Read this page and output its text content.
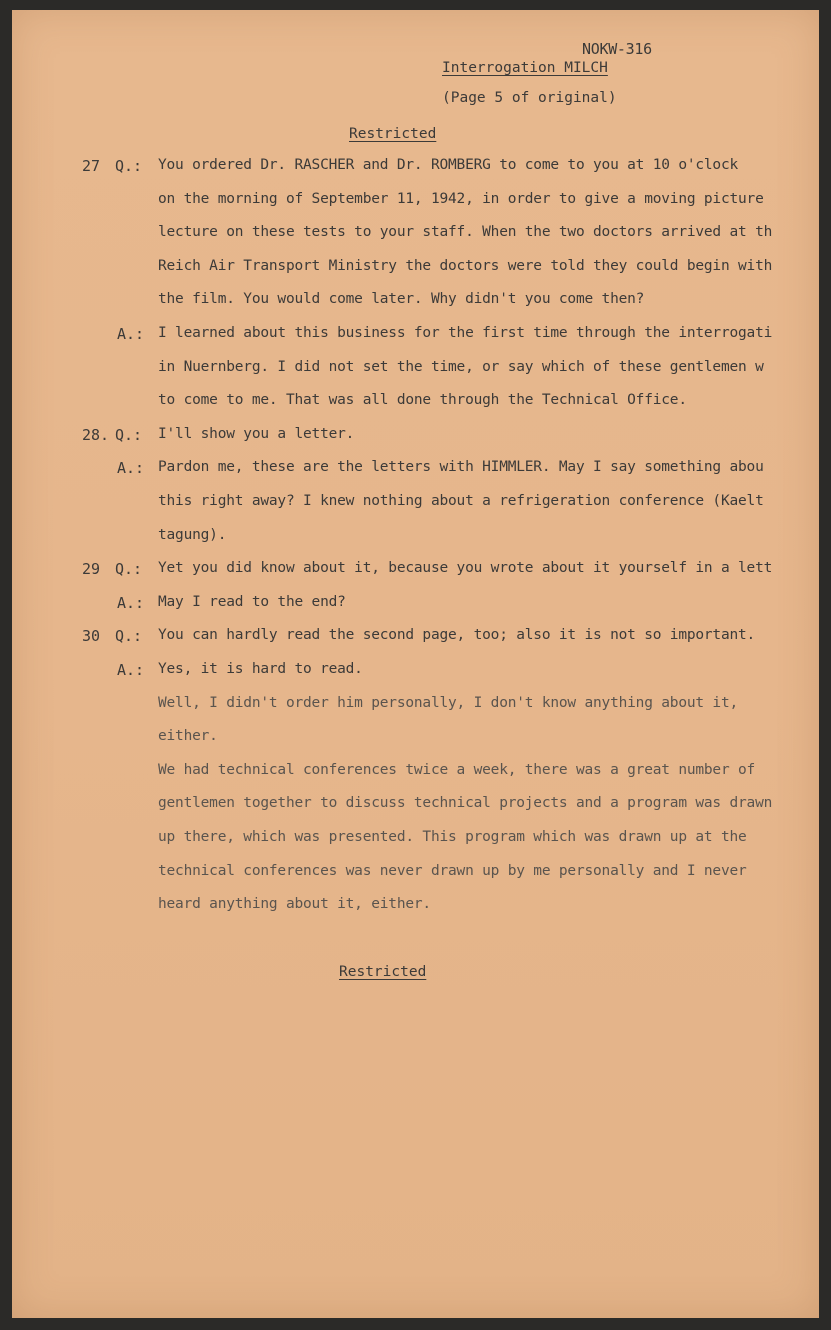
NOKW-316
Interrogation MILCH
(Page 5 of original)
Restricted
27 Q.: You ordered Dr. RASCHER and Dr. ROMBERG to come to you at 10 o'clock
on the morning of September 11, 1942, in order to give a moving picture
lecture on these tests to your staff. When the two doctors arrived at th
Reich Air Transport Ministry the doctors were told they could begin with
the film. You would come later. Why didn't you come then?
A.: I learned about this business for the first time through the interrogati
in Nuernberg. I did not set the time, or say which of these gentlemen w
to come to me. That was all done through the Technical Office.
28. Q.: I'll show you a letter.
A.: Pardon me, these are the letters with HIMMLER. May I say something abou
this right away? I knew nothing about a refrigeration conference (Kaelt
tagung).
29 Q.: Yet you did know about it, because you wrote about it yourself in a lett
A.: May I read to the end?
30 Q.: You can hardly read the second page, too; also it is not so important.
A.: Yes, it is hard to read.
Well, I didn't order him personally, I don't know anything about it,
either.
We had technical conferences twice a week, there was a great number of
gentlemen together to discuss technical projects and a program was drawn
up there, which was presented. This program which was drawn up at the
technical conferences was never drawn up by me personally and I never
heard anything about it, either.
Restricted
